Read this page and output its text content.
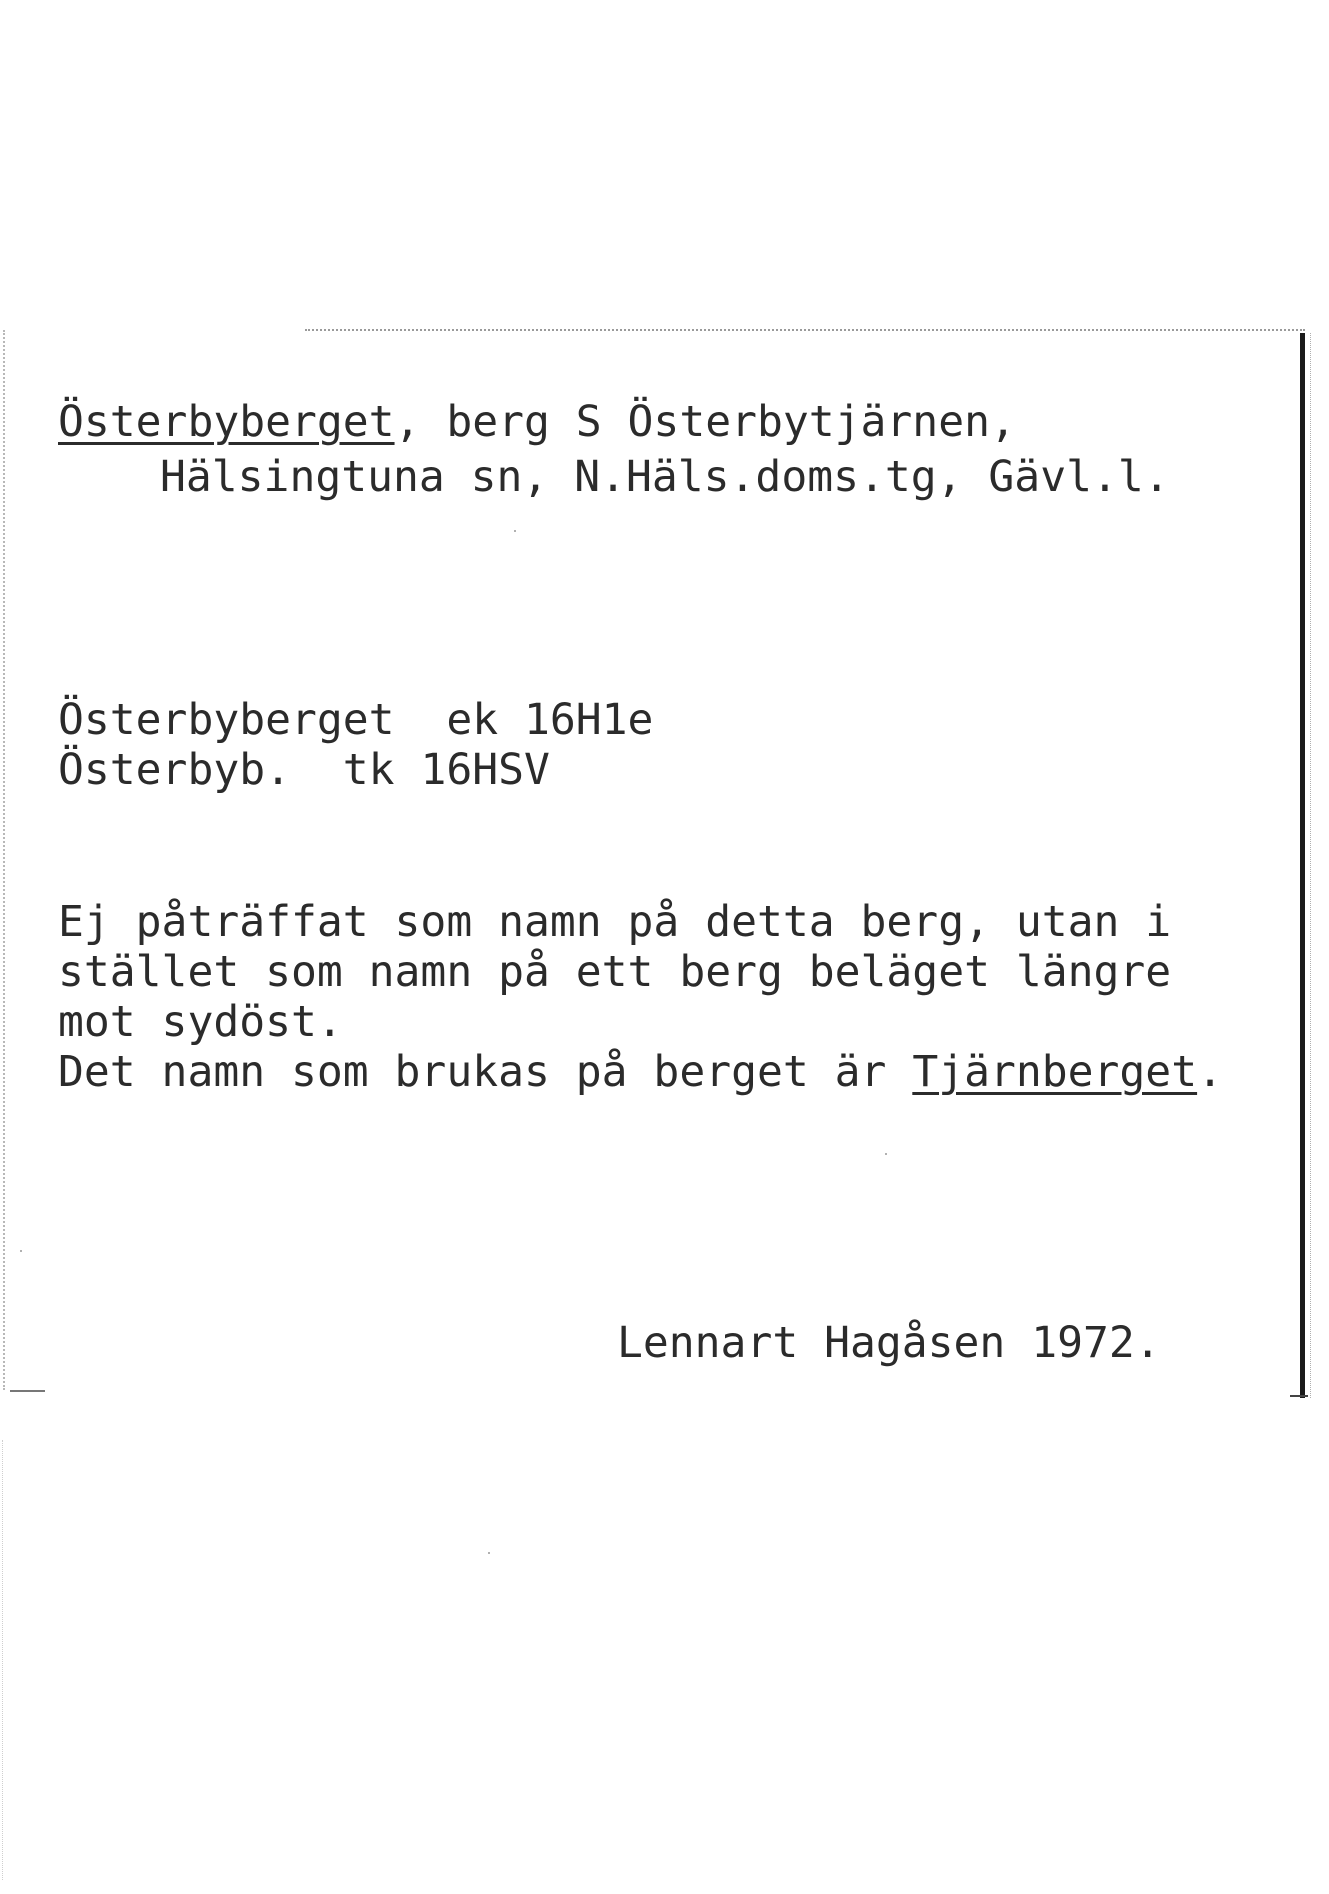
Österbyberget, berg S Österbytjärnen,
Hälsingtuna sn, N.Häls.doms.tg, Gävl.l.
Österbyberget ek 16H1e
Österbyb. tk 16HSV
Ej påträffat som namn på detta berg, utan i
stället som namn på ett berg beläget längre
mot sydöst.
Det namn som brukas på berget är Tjärnberget.
Lennart Hagåsen 1972.
